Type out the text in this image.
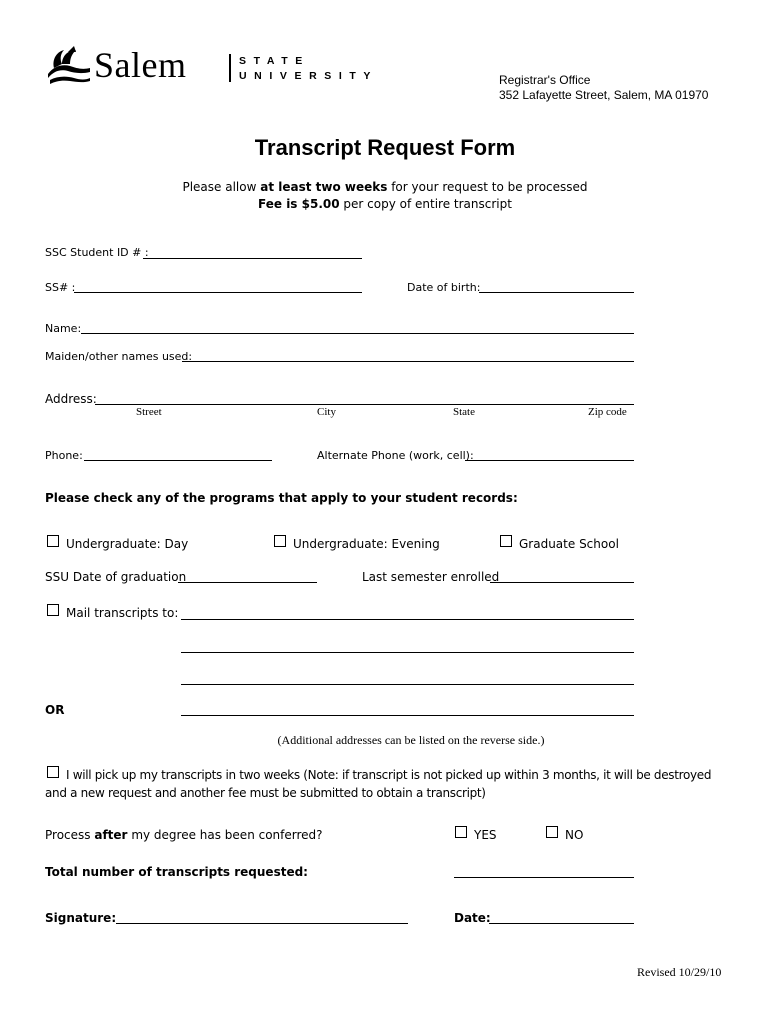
Salem	STATE
UNIVERSITY	Registrar's Office
352 Lafayette Street, Salem, MA 01970
Transcript Request Form
Please allow at least two weeks for your request to be processed
Fee is $5.00 per copy of entire transcript
SSC Student ID # :
SS# :	Date of birth:
Name:
Maiden/other names used:
Address:
Street	City	State	Zip code
Phone:	Alternate Phone (work, cell):
Please check any of the programs that apply to your student records:
Undergraduate: Day	Undergraduate: Evening	Graduate School
SSU Date of graduation	Last semester enrolled
Mail transcripts to:
OR
(Additional addresses can be listed on the reverse side.)
I will pick up my transcripts in two weeks (Note: if transcript is not picked up within 3 months, it will be destroyed
and a new request and another fee must be submitted to obtain a transcript)
Process after my degree has been conferred?	YES	NO
Total number of transcripts requested:
Signature:	Date:
Revised 10/29/10
